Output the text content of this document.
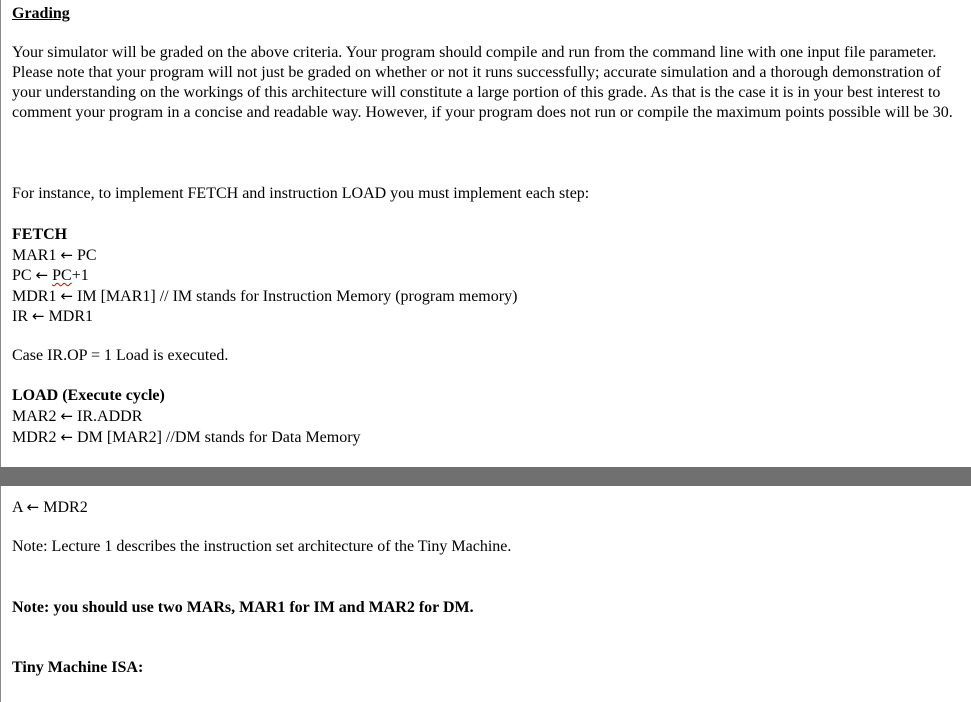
Grading
Your simulator will be graded on the above criteria. Your program should compile and run from the command line with one input file parameter. Please note that your program will not just be graded on whether or not it runs successfully; accurate simulation and a thorough demonstration of your understanding on the workings of this architecture will constitute a large portion of this grade. As that is the case it is in your best interest to comment your program in a concise and readable way. However, if your program does not run or compile the maximum points possible will be 30.
For instance, to implement FETCH and instruction LOAD you must implement each step:
FETCH
MAR1 ← PC
PC ← PC+1
MDR1 ← IM [MAR1] // IM stands for Instruction Memory (program memory)
IR ← MDR1
Case IR.OP = 1 Load is executed.
LOAD (Execute cycle)
MAR2 ← IR.ADDR
MDR2 ← DM [MAR2] //DM stands for Data Memory
A ← MDR2
Note: Lecture 1 describes the instruction set architecture of the Tiny Machine.
Note: you should use two MARs, MAR1 for IM and MAR2 for DM.
Tiny Machine ISA:
